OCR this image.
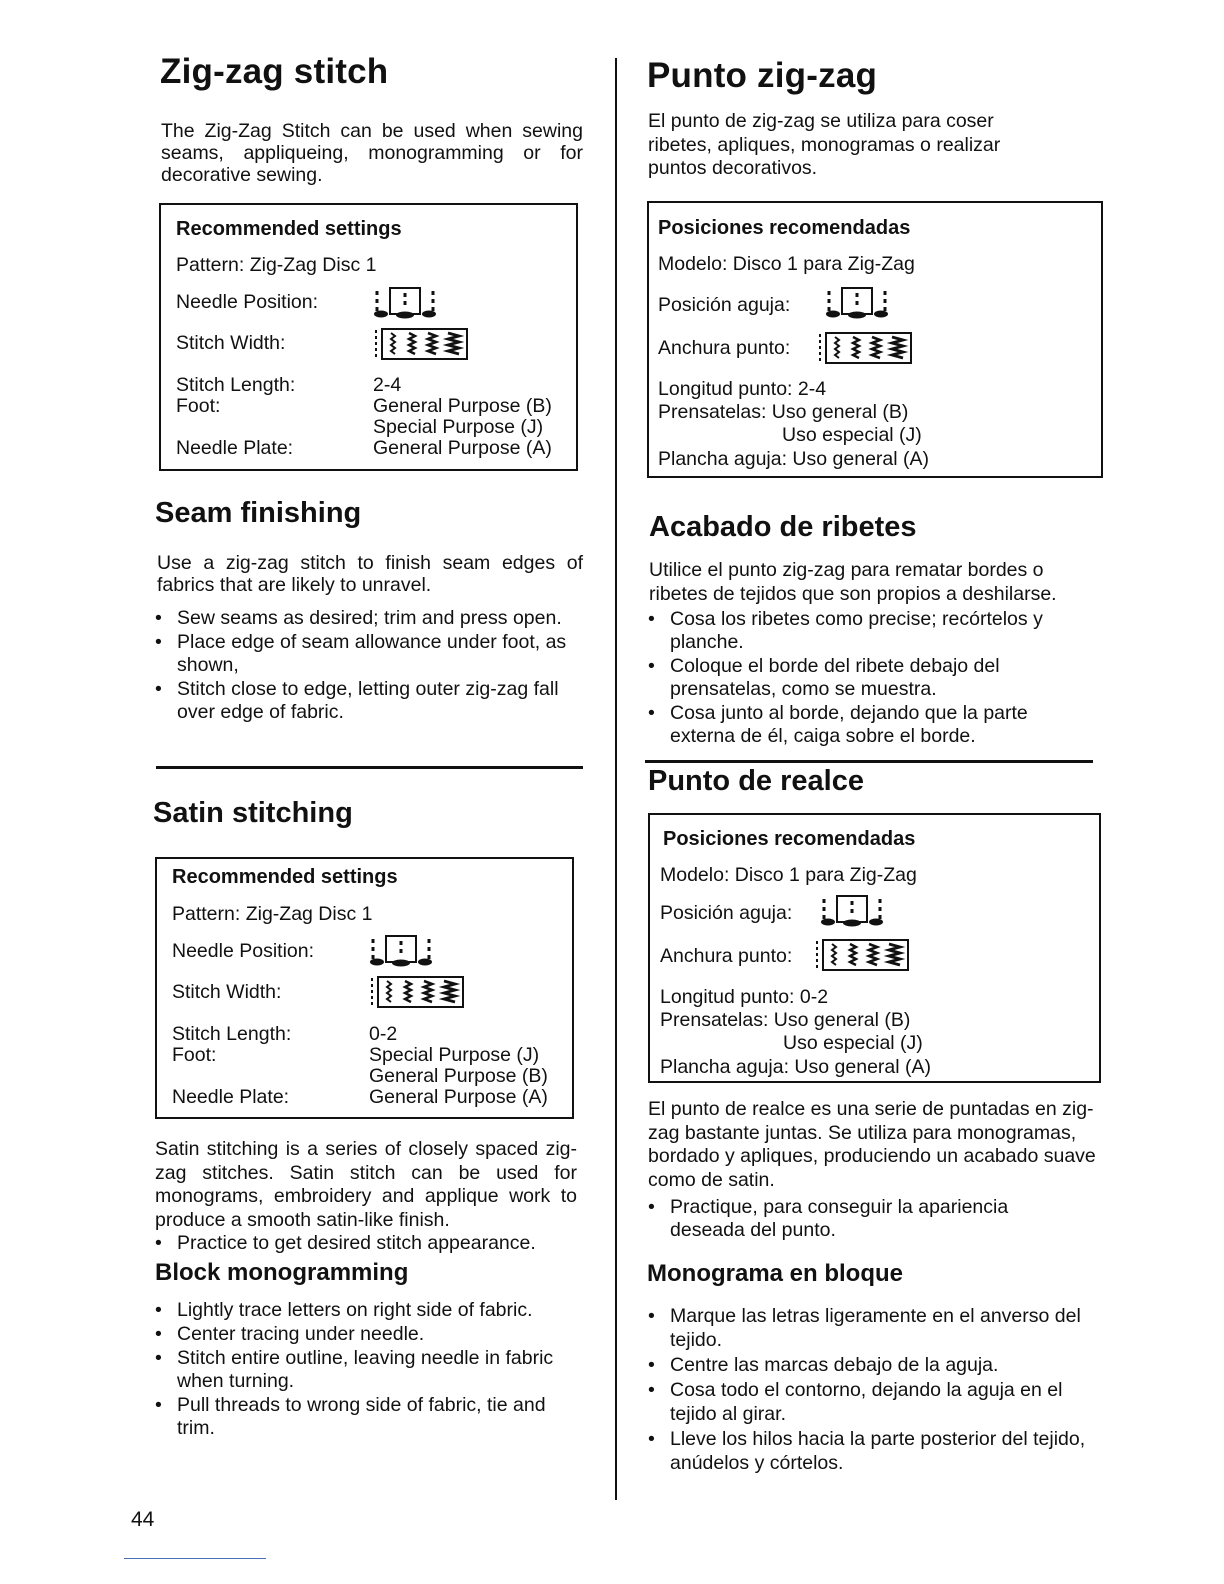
Zig-zag stitch

The Zig-Zag Stitch can be used when sewing seams, appliqueing, monogramming or for decorative sewing.

Recommended settings
Pattern: Zig-Zag Disc 1
Needle Position:
Stitch Width:
Stitch Length:	2-4
Foot:	General Purpose (B)
Special Purpose (J)
Needle Plate:	General Purpose (A)
Seam finishing

Use a zig-zag stitch to finish seam edges of fabrics that are likely to unravel.

• Sew seams as desired; trim and press open.
• Place edge of seam allowance under foot, as shown,
• Stitch close to edge, letting outer zig-zag fall over edge of fabric.
Satin stitching
Recommended settings
Pattern: Zig-Zag Disc 1
Needle Position:
Stitch Width:
Stitch Length:	0-2
Foot:	Special Purpose (J)
General Purpose (B)
Needle Plate:	General Purpose (A)

Satin stitching is a series of closely spaced zig-zag stitches. Satin stitch can be used for monograms, embroidery and applique work to produce a smooth satin-like finish.

• Practice to get desired stitch appearance.
Block monogramming
• Lightly trace letters on right side of fabric.
• Center tracing under needle.
• Stitch entire outline, leaving needle in fabric when turning.
• Pull threads to wrong side of fabric, tie and trim.
44
Punto zig-zag

El punto de zig-zag se utiliza para coser ribetes, apliques, monogramas o realizar puntos decorativos.

Posiciones recomendadas
Modelo: Disco 1 para Zig-Zag
Posición aguja:
Anchura punto:
Longitud punto: 2-4
Prensatelas: Uso general (B)
Uso especial (J)
Plancha aguja: Uso general (A)
Acabado de ribetes

Utilice el punto zig-zag para rematar bordes o ribetes de tejidos que son propios a deshilarse.

• Cosa los ribetes como precise; recórtelos y planche.
• Coloque el borde del ribete debajo del prensatelas, como se muestra.
• Cosa junto al borde, dejando que la parte externa de él, caiga sobre el borde.
Punto de realce
Posiciones recomendadas
Modelo: Disco 1 para Zig-Zag
Posición aguja:
Anchura punto:
Longitud punto: 0-2
Prensatelas: Uso general (B)
Uso especial (J)
Plancha aguja: Uso general (A)

El punto de realce es una serie de puntadas en zig-zag bastante juntas. Se utiliza para monogramas, bordado y apliques, produciendo un acabado suave como de satin.

• Practique, para conseguir la apariencia deseada del punto.
Monograma en bloque
• Marque las letras ligeramente en el anverso del tejido.
• Centre las marcas debajo de la aguja.
• Cosa todo el contorno, dejando la aguja en el tejido al girar.
• Lleve los hilos hacia la parte posterior del tejido, anúdelos y córtelos.
